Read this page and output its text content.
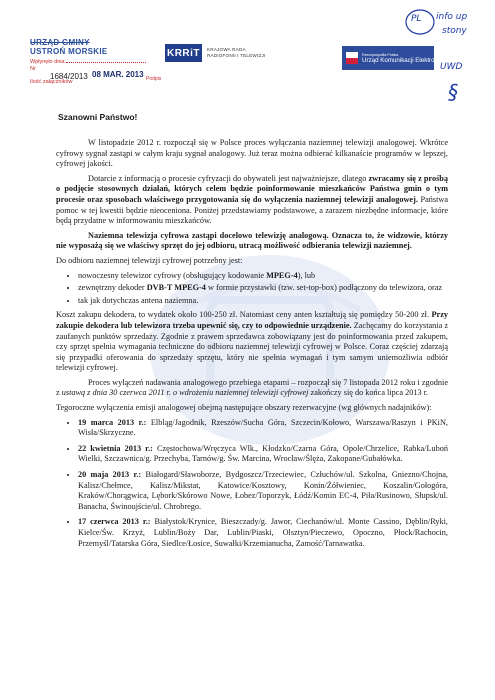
URZĄD GMINY
USTROŃ MORSKIE
Wpłynęło dnia
Nr
Ilość załączników
1684/2013 08 MAR. 2013 Podpis
KRRiT	KRAJOWA RADA
RADIOFONII I TELEWIZJI	Rzeczpospolita Polska
Urząd Komunikacji Elektronicznej
PL info up
stony
UWD
§
Szanowni Państwo!

W listopadzie 2012 r. rozpoczął się w Polsce proces wyłączania naziemnej telewizji analogowej. Wkrótce cyfrowy sygnał zastąpi w całym kraju sygnał analogowy. Już teraz można odbierać kilkanaście programów w lepszej, cyfrowej jakości.

Dotarcie z informacją o procesie cyfryzacji do obywateli jest najważniejsze, dlatego zwracamy się z prośbą o podjęcie stosownych działań, których celem będzie poinformowanie mieszkańców Państwa gmin o tym procesie oraz sposobach właściwego przygotowania się do wyłączenia naziemnej telewizji analogowej. Państwa pomoc w tej kwestii będzie nieoceniona. Poniżej przedstawiamy podstawowe, a zarazem niezbędne informacje, które będą przydatne w informowaniu mieszkańców.

Naziemna telewizja cyfrowa zastąpi docelowo telewizję analogową. Oznacza to, że widzowie, którzy nie wyposażą się we właściwy sprzęt do jej odbioru, utracą możliwość odbierania telewizji naziemnej.

Do odbioru naziemnej telewizji cyfrowej potrzebny jest:

• nowoczesny telewizor cyfrowy (obsługujący kodowanie MPEG-4), lub
• zewnętrzny dekoder DVB-T MPEG-4 w formie przystawki (tzw. set-top-box) podłączony do telewizora, oraz
• tak jak dotychczas antena naziemna.

Koszt zakupu dekodera, to wydatek około 100-250 zł. Natomiast ceny anten kształtują się pomiędzy 50-200 zł. Przy zakupie dekodera lub telewizora trzeba upewnić się, czy to odpowiednie urządzenie. Zachęcamy do korzystania z zaufanych punktów sprzedaży. Zgodnie z prawem sprzedawca zobowiązany jest do poinformowania przed zakupem, czy sprzęt spełnia wymagania techniczne do odbioru naziemnej telewizji cyfrowej w Polsce. Coraz częściej zdarzają się przypadki oferowania do sprzedaży sprzętu, który nie spełnia wymagań i tym samym uniemożliwia odbiór telewizji cyfrowej.

Proces wyłączeń nadawania analogowego przebiega etapami – rozpoczął się 7 listopada 2012 roku i zgodnie z ustawą z dnia 30 czerwca 2011 r. o wdrożeniu naziemnej telewizji cyfrowej zakończy się do końca lipca 2013 r.

Tegoroczne wyłączenia emisji analogowej obejmą następujące obszary rezerwacyjne (wg głównych nadajników):

• 19 marca 2013 r.: Elbląg/Jagodnik, Rzeszów/Sucha Góra, Szczecin/Kołowo, Warszawa/Raszyn i PKiN, Wisła/Skrzyczne.
• 22 kwietnia 2013 r.: Częstochowa/Wręczyca Wlk., Kłodzko/Czarna Góra, Opole/Chrzelice, Rabka/Luboń Wielki, Szczawnica/g. Przechyba, Tarnów/g. Św. Marcina, Wrocław/Ślęża, Zakopane/Gubałówka.
• 20 maja 2013 r.: Białogard/Sławoborze, Bydgoszcz/Trzeciewiec, Człuchów/ul. Szkolna, Gniezno/Chojna, Kalisz/Chełmce, Kalisz/Mikstat, Katowice/Kosztowy, Konin/Żółwieniec, Koszalin/Gołogóra, Kraków/Chorągwica, Lębork/Skórowo Nowe, Łobez/Toporzyk, Łódź/Komin EC-4, Piła/Rusinowo, Słupsk/ul. Banacha, Świnoujście/ul. Chrobrego.
• 17 czerwca 2013 r.: Białystok/Krynice, Bieszczady/g. Jawor, Ciechanów/ul. Monte Cassino, Dęblin/Ryki, Kielce/Św. Krzyż, Lublin/Boży Dar, Lublin/Piaski, Olsztyn/Pieczewo, Opoczno, Płock/Rachocin, Przemyśl/Tatarska Góra, Siedlce/Łosice, Suwałki/Krzemianucha, Zamość/Tarnawatka.
